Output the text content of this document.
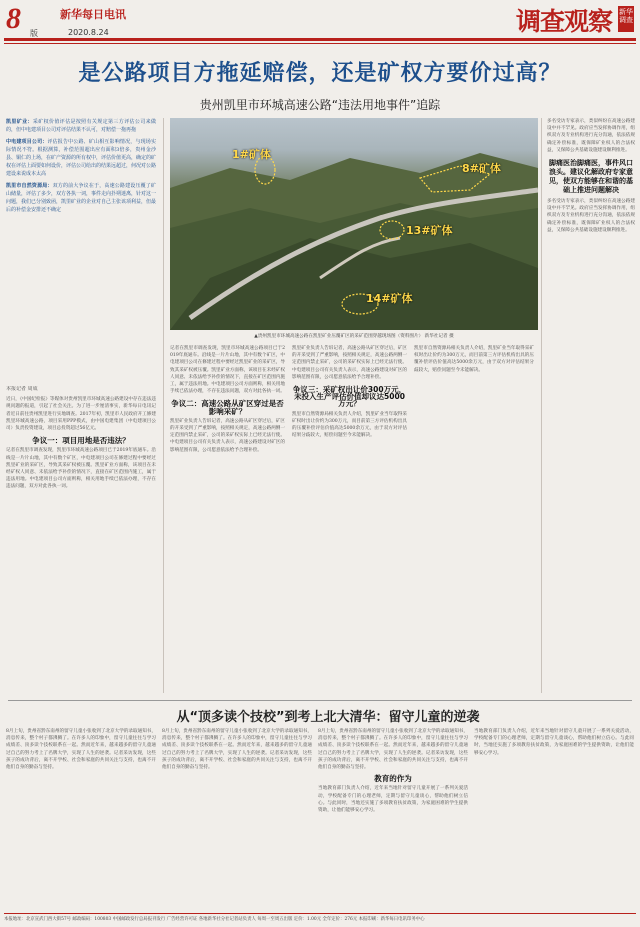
8 版
新华每日电讯
2020.8.24	调查观察 新华调查
是公路项目方拖延赔偿，还是矿权方要价过高？
贵州凯里市环城高速公路“违法用地事件”追踪

凯里矿业：采矿权价值评估是按照有关规定第三方评估公司来做的，但中电建项目公司对评估结果不认可，对赔偿一拖再拖

中电建项目公司：评估报告中公路、矿山相互影响情况，与现场实际情况不符。根据测算，补偿范围超出应有面积3倍多，贵州金沙县、铜仁的上场，在矿产资源的所有权中，评估价值更高，确定的矿权在评估上面要如何设价，评估公司给出的结果远超过，何况对公路建设来说成本太高

凯里市自然资源局：双方的前大争议在于，高速公路建设压覆了矿山储量，评估了多少，双方各执一词，事件走向扑朔迷离，针对这一问题，我们已分别致函，凯里矿业的企业对自己主张该项利益，但最后的补偿金安排还不确定

1#矿体
8#矿体
13#矿体
14#矿体
▲贵州凯里市环城高速公路在凯里矿业压覆矿区的采矿范围穿越现场图（资料图片） 新华社记者 摄
本报记者 周成
近日，《中国纪检报》等媒体对贵州凯里市环城高速公路建设中存在违法违规问题的报道，引起了社会关注。为了进一步厘清事实，新华每日电讯记者近日前往贵州凯里进行实地调查。2017年初，凯里市人民政府开工修建凯里环城高速公路，项目采用PPP模式，由中国电建集团（中电建项目公司）负责投资建设，项目总投资超过56亿元。
争议一：项目用地是否违法？
记者在凯里市调查发现，凯里市环城高速公路项目已于2019年底通车。沿线是一片片山地，其中有数个矿区，中电建项目公司在修建过程中要经过凯里矿业的采矿区，导致其采矿权被压覆。凯里矿业方面称，该项目在未经矿权人同意、未依法给予补偿的情况下，直接在矿区范围内施工，属于违法用地。中电建项目公司方面则称，相关用地手续已依法办理，不存在违法问题，双方对此各执一词。
记者在凯里市调查发现，凯里市环城高速公路项目已于2019年底通车。沿线是一片片山地，其中有数个矿区，中电建项目公司在修建过程中要经过凯里矿业的采矿区，导致其采矿权被压覆。凯里矿业方面称，该项目在未经矿权人同意、未依法给予补偿的情况下，直接在矿区范围内施工，属于违法用地。中电建项目公司方面则称，相关用地手续已依法办理，不存在违法问题，双方对此各执一词。
争议二：高速公路从矿区穿过是否影响采矿？
凯里矿业负责人告诉记者，高速公路从矿区穿过后，矿区的开采受到了严重影响，按照相关规定，高速公路两侧一定范围内禁止采矿，公司的采矿权实际上已经无法行使。中电建项目公司有关负责人表示，高速公路建设对矿区的影响范围有限，公司愿意依法给予合理补偿。
凯里矿业负责人告诉记者，高速公路从矿区穿过后，矿区的开采受到了严重影响，按照相关规定，高速公路两侧一定范围内禁止采矿，公司的采矿权实际上已经无法行使。中电建项目公司有关负责人表示，高速公路建设对矿区的影响范围有限，公司愿意依法给予合理补偿。
争议三：采矿权出让价300万元，未投入生产评估价值却议达5000万元？
凯里市自然资源局相关负责人介绍，凯里矿业当年取得采矿权时出让价约为300万元，而目前第三方评估机构出具的压覆补偿评估价值高达5000余万元，由于双方对评估结果分歧较大，赔偿问题至今未能解决。
凯里市自然资源局相关负责人介绍，凯里矿业当年取得采矿权时出让价约为300万元，而目前第三方评估机构出具的压覆补偿评估价值高达5000余万元，由于双方对评估结果分歧较大，赔偿问题至今未能解决。
多名受访专家表示，类似纠纷在高速公路建设中并不罕见。政府应当发挥协调作用，组织双方及专业机构进行充分沟通，依法依规确定补偿标准，既保障矿业权人的合法权益，又保障公共基础设施建设顺利推进。
脚痛医治脚痛医，事件风口浪头。建议化解政府专家意见，使双方能够在和谐的基础上推进问题解决
多名受访专家表示，类似纠纷在高速公路建设中并不罕见。政府应当发挥协调作用，组织双方及专业机构进行充分沟通，依法依规确定补偿标准，既保障矿业权人的合法权益，又保障公共基础设施建设顺利推进。
从“顶多读个技校”到考上北大清华：留守儿童的逆袭
8月上旬，贵州省黔东南州的留守儿童小张收到了北京大学的录取通知书，消息传来，整个村子都沸腾了。在许多人的印象中，留守儿童往往与学习成绩差、顶多读个技校联系在一起。然而近年来，越来越多的留守儿童通过自己的努力考上了名牌大学，实现了人生的逆袭。记者采访发现，这些孩子的成功背后，离不开学校、社会和家庭的共同关注与支持，也离不开他们自身的勤奋与坚持。
8月上旬，贵州省黔东南州的留守儿童小张收到了北京大学的录取通知书，消息传来，整个村子都沸腾了。在许多人的印象中，留守儿童往往与学习成绩差、顶多读个技校联系在一起。然而近年来，越来越多的留守儿童通过自己的努力考上了名牌大学，实现了人生的逆袭。记者采访发现，这些孩子的成功背后，离不开学校、社会和家庭的共同关注与支持，也离不开他们自身的勤奋与坚持。
8月上旬，贵州省黔东南州的留守儿童小张收到了北京大学的录取通知书，消息传来，整个村子都沸腾了。在许多人的印象中，留守儿童往往与学习成绩差、顶多读个技校联系在一起。然而近年来，越来越多的留守儿童通过自己的努力考上了名牌大学，实现了人生的逆袭。记者采访发现，这些孩子的成功背后，离不开学校、社会和家庭的共同关注与支持，也离不开他们自身的勤奋与坚持。
教育的作为
当地教育部门负责人介绍，近年来当地针对留守儿童开展了一系列关爱活动，学校配备专门的心理老师，定期与留守儿童谈心，帮助他们树立信心。与此同时，当地还实施了多项教育扶贫政策，为家庭困难的学生提供资助，让他们能够安心学习。
当地教育部门负责人介绍，近年来当地针对留守儿童开展了一系列关爱活动，学校配备专门的心理老师，定期与留守儿童谈心，帮助他们树立信心。与此同时，当地还实施了多项教育扶贫政策，为家庭困难的学生提供资助，让他们能够安心学习。
本报地址：北京宣武门西大街57号 邮政编码：100803 中国邮政发行总局报刊发行 广告经营许可证 各地新华社分社记者站负责人 每周一至周五出版 定价：1.00元 全年定价：276元 本报印刷：新华每日电讯印务中心
